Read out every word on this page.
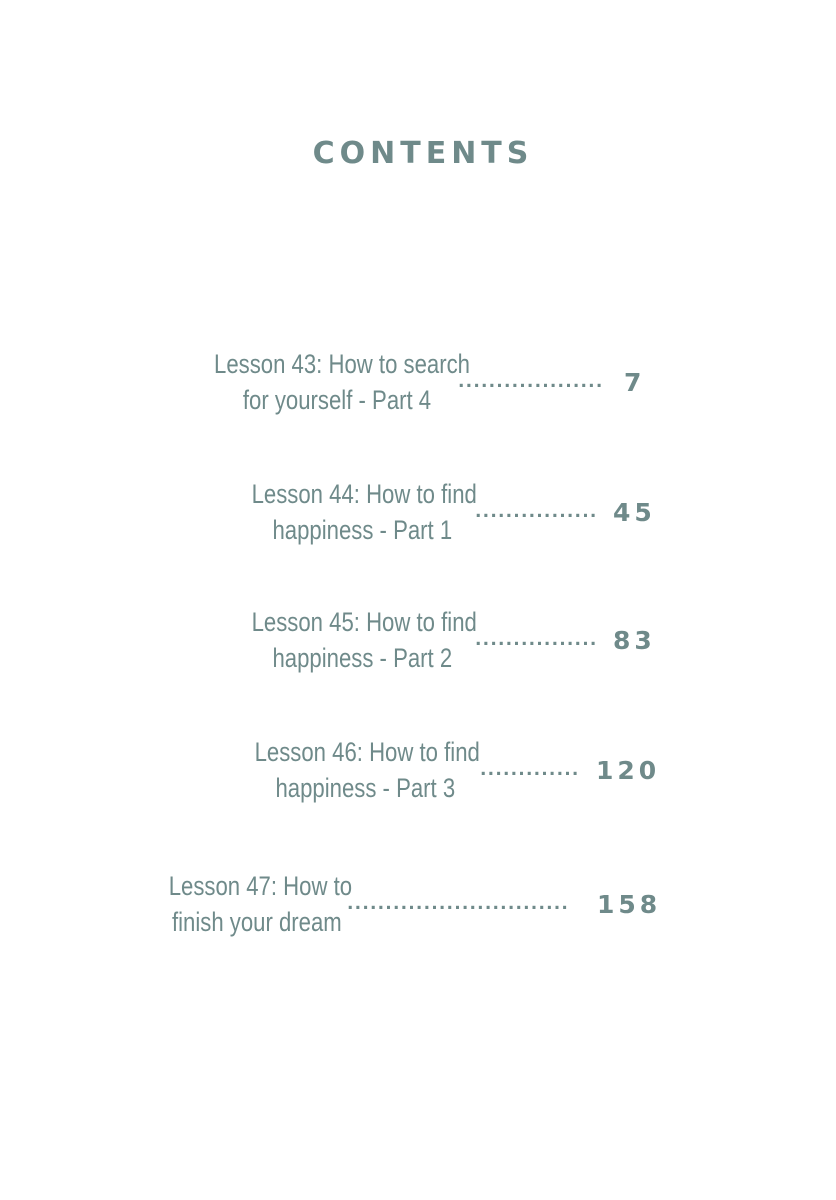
CONTENTS
Lesson 43: How to search
for yourself - Part 4
................... 7
Lesson 44: How to find
happiness - Part 1
................ 45
Lesson 45: How to find
happiness - Part 2
................ 83
Lesson 46: How to find
happiness - Part 3
............. 120
Lesson 47: How to
finish your dream
.............................	158
